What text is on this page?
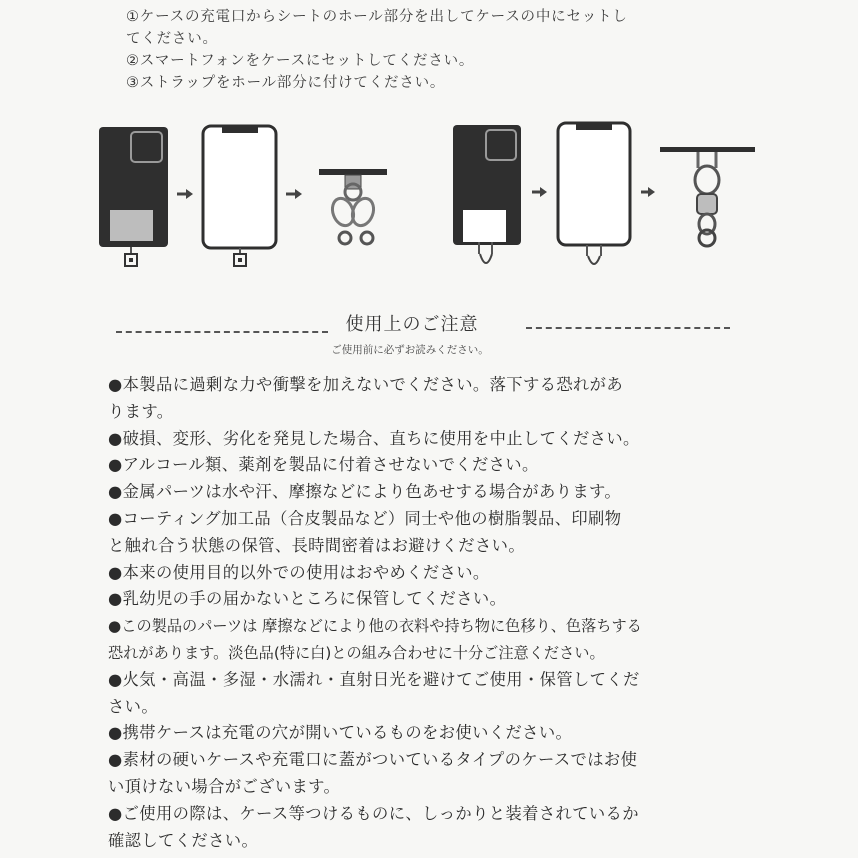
①ケースの充電口からシートのホール部分を出してケースの中にセットし
てください。
②スマートフォンをケースにセットしてください。
③ストラップをホール部分に付けてください。
使用上のご注意
ご使用前に必ずお読みください。
●本製品に過剰な力や衝撃を加えないでください。落下する恐れがあ
ります。
●破損、変形、劣化を発見した場合、直ちに使用を中止してください。
●アルコール類、薬剤を製品に付着させないでください。
●金属パーツは水や汗、摩擦などにより色あせする場合があります。
●コーティング加工品（合皮製品など）同士や他の樹脂製品、印刷物
と触れ合う状態の保管、長時間密着はお避けください。
●本来の使用目的以外での使用はおやめください。
●乳幼児の手の届かないところに保管してください。
●この製品のパーツは 摩擦などにより他の衣料や持ち物に色移り、色落ちする
恐れがあります。淡色品(特に白)との組み合わせに十分ご注意ください。
●火気・高温・多湿・水濡れ・直射日光を避けてご使用・保管してくだ
さい。
●携帯ケースは充電の穴が開いているものをお使いください。
●素材の硬いケースや充電口に蓋がついているタイプのケースではお使
い頂けない場合がございます。
●ご使用の際は、ケース等つけるものに、しっかりと装着されているか
確認してください。
